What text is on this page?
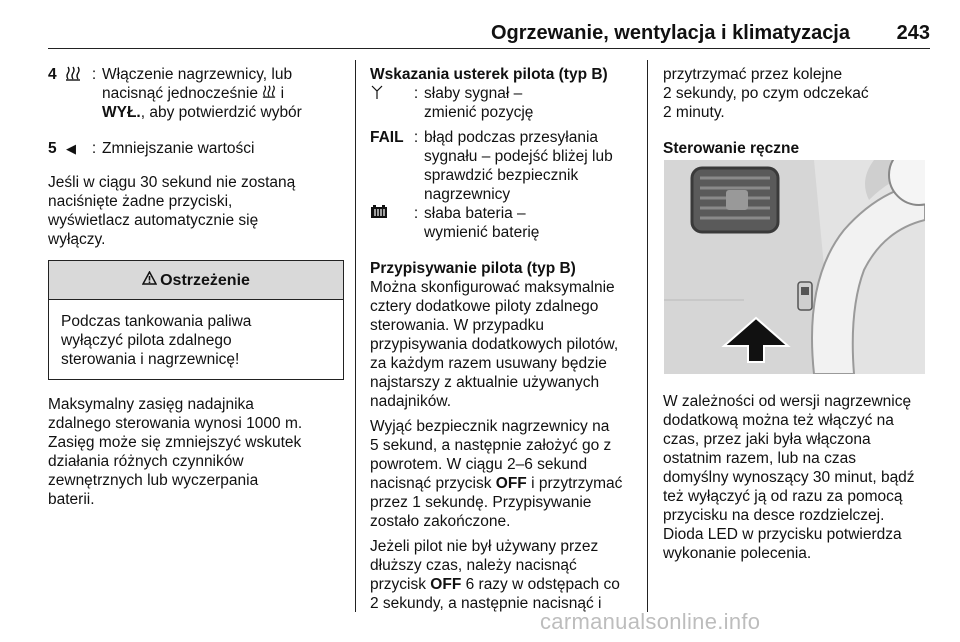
Ogrzewanie, wentylacja i klimatyzacja 243
4	: Włączenie nagrzewnicy, lub

nacisnąć jednocześnie  i

WYŁ., aby potwierdzić wybór

5 ◀	: Zmniejszanie wartości

Jeśli w ciągu 30 sekund nie zostaną

naciśnięte żadne przyciski,

wyświetlacz automatycznie się

wyłączy.

Ostrzeżenie

Podczas tankowania paliwa

wyłączyć pilota zdalnego

sterowania i nagrzewnicę!

Maksymalny zasięg nadajnika

zdalnego sterowania wynosi 1000 m.

Zasięg może się zmniejszyć wskutek

działania różnych czynników

zewnętrznych lub wyczerpania

baterii.

Wskazania usterek pilota (typ B)

: słaby sygnał –

zmienić pozycję

FAIL : błąd podczas przesyłania

sygnału – podejść bliżej lub

sprawdzić bezpiecznik

nagrzewnicy

: słaba bateria –

wymienić baterię

Przypisywanie pilota (typ B)

Można skonfigurować maksymalnie

cztery dodatkowe piloty zdalnego

sterowania. W przypadku

przypisywania dodatkowych pilotów,

za każdym razem usuwany będzie

najstarszy z aktualnie używanych

nadajników.

Wyjąć bezpiecznik nagrzewnicy na

5 sekund, a następnie założyć go z

powrotem. W ciągu 2–6 sekund

nacisnąć przycisk OFF i przytrzymać

przez 1 sekundę. Przypisywanie

zostało zakończone.

Jeżeli pilot nie był używany przez

dłuższy czas, należy nacisnąć

przycisk OFF 6 razy w odstępach co

2 sekundy, a następnie nacisnąć i

przytrzymać przez kolejne

2 sekundy, po czym odczekać

2 minuty.

Sterowanie ręczne

W zależności od wersji nagrzewnicę

dodatkową można też włączyć na

czas, przez jaki była włączona

ostatnim razem, lub na czas

domyślny wynoszący 30 minut, bądź

też wyłączyć ją od razu za pomocą

przycisku na desce rozdzielczej.

Dioda LED w przycisku potwierdza

wykonanie polecenia.

carmanualsonline.info
